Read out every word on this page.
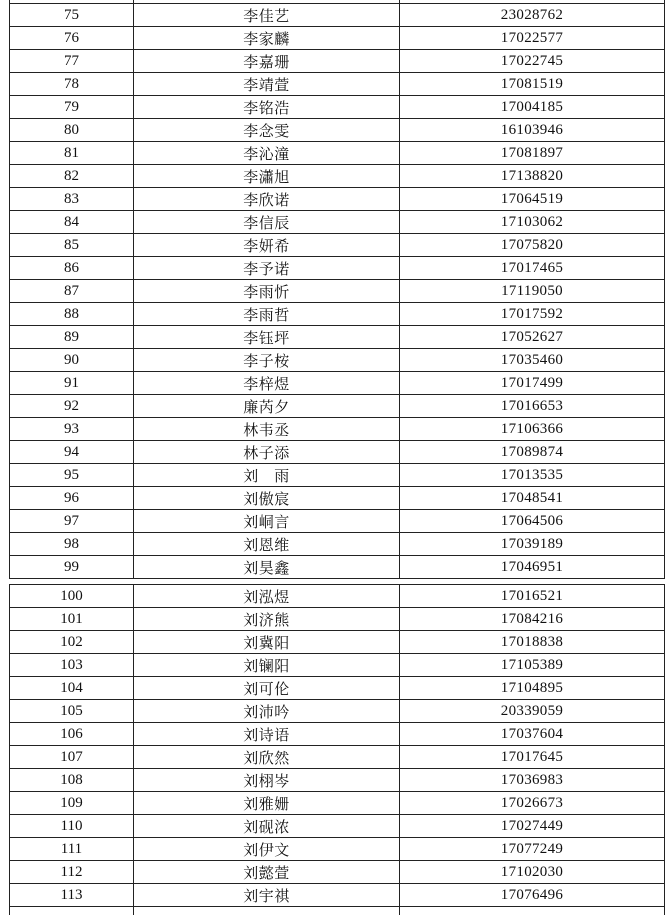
75	李佳艺	23028762
76	李家麟	17022577
77	李嘉珊	17022745
78	李靖萱	17081519
79	李铭浩	17004185
80	李念雯	16103946
81	李沁潼	17081897
82	李瀟旭	17138820
83	李欣诺	17064519
84	李信辰	17103062
85	李妍希	17075820
86	李予诺	17017465
87	李雨忻	17119050
88	李雨哲	17017592
89	李钰坪	17052627
90	李子桉	17035460
91	李梓煜	17017499
92	廉芮夕	17016653
93	林韦丞	17106366
94	林子添	17089874
95	刘　雨	17013535
96	刘傲宸	17048541
97	刘峒言	17064506
98	刘恩维	17039189
99	刘昊鑫	17046951
100	刘泓煜	17016521
101	刘济熊	17084216
102	刘冀阳	17018838
103	刘镧阳	17105389
104	刘可伦	17104895
105	刘沛吟	20339059
106	刘诗语	17037604
107	刘欣然	17017645
108	刘栩岑	17036983
109	刘雅姗	17026673
110	刘砚浓	17027449
111	刘伊文	17077249
112	刘懿萱	17102030
113	刘宇祺	17076496
